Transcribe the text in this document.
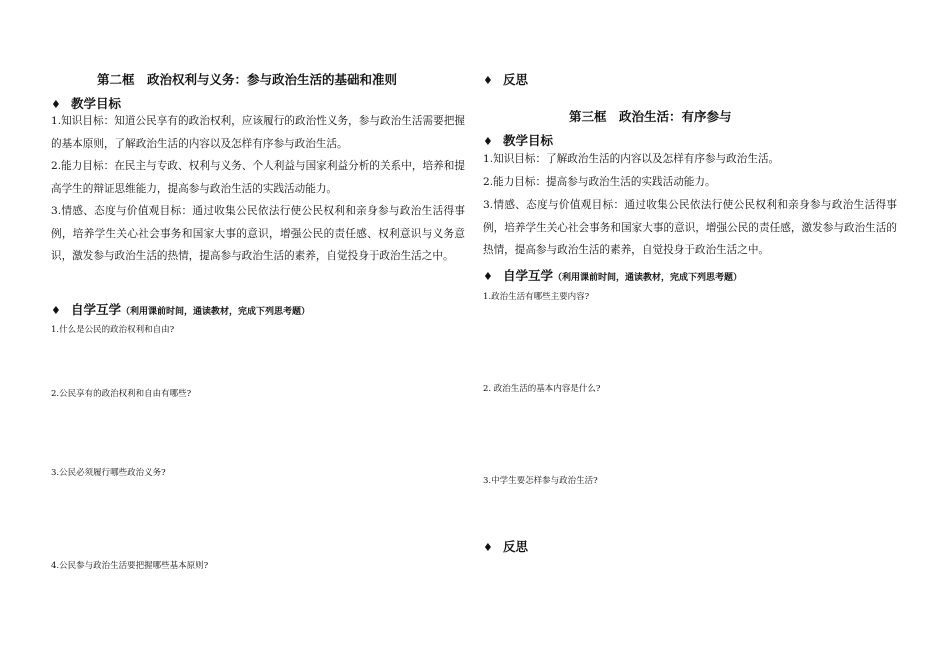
第二框　政治权利与义务：参与政治生活的基础和准则
♦ 教学目标
1.知识目标：知道公民享有的政治权利，应该履行的政治性义务，参与政治生活需要把握的基本原则，了解政治生活的内容以及怎样有序参与政治生活。
2.能力目标：在民主与专政、权利与义务、个人利益与国家利益分析的关系中，培养和提高学生的辩证思维能力，提高参与政治生活的实践活动能力。
3.情感、态度与价值观目标：通过收集公民依法行使公民权利和亲身参与政治生活得事例，培养学生关心社会事务和国家大事的意识，增强公民的责任感、权利意识与义务意识，激发参与政治生活的热情，提高参与政治生活的素养，自觉投身于政治生活之中。
♦ 自学互学（利用课前时间，通读教材，完成下列思考题）
1.什么是公民的政治权利和自由?
2.公民享有的政治权利和自由有哪些?
3.公民必须履行哪些政治义务?
4.公民参与政治生活要把握哪些基本原则?
♦ 反思
第三框　政治生活：有序参与
♦ 教学目标
1.知识目标：了解政治生活的内容以及怎样有序参与政治生活。
2.能力目标：提高参与政治生活的实践活动能力。
3.情感、态度与价值观目标：通过收集公民依法行使公民权利和亲身参与政治生活得事例，培养学生关心社会事务和国家大事的意识，增强公民的责任感，激发参与政治生活的热情，提高参与政治生活的素养，自觉投身于政治生活之中。
♦ 自学互学（利用课前时间，通读教材，完成下列思考题）
1.政治生活有哪些主要内容?
2. 政治生活的基本内容是什么?
3.中学生要怎样参与政治生活?
♦ 反思
